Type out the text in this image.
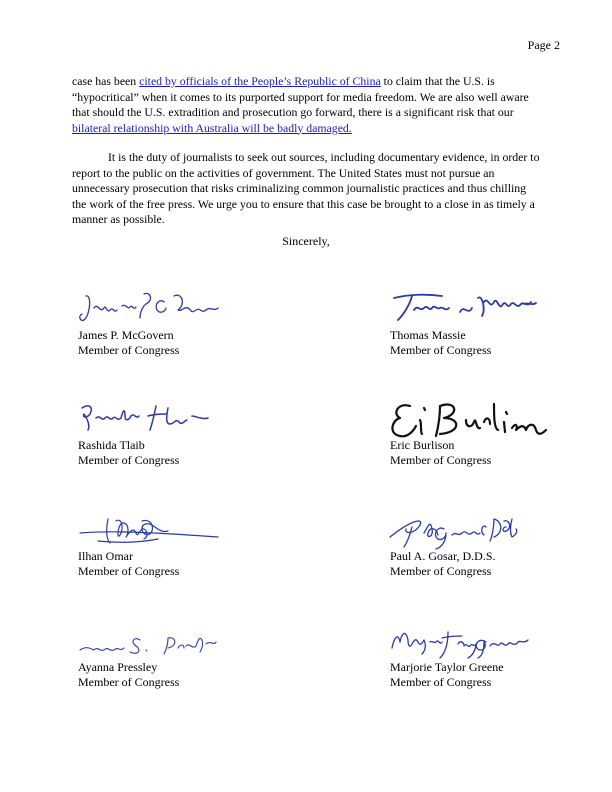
Page 2

case has been cited by officials of the People’s Republic of China to claim that the U.S. is “hypocritical” when it comes to its purported support for media freedom. We are also well aware that should the U.S. extradition and prosecution go forward, there is a significant risk that our bilateral relationship with Australia will be badly damaged.

It is the duty of journalists to seek out sources, including documentary evidence, in order to report to the public on the activities of government. The United States must not pursue an unnecessary prosecution that risks criminalizing common journalistic practices and thus chilling the work of the free press. We urge you to ensure that this case be brought to a close in as timely a manner as possible.

Sincerely,
James P. McGovern
Member of Congress
Thomas Massie
Member of Congress
Rashida Tlaib
Member of Congress
Eric Burlison
Member of Congress
Ilhan Omar
Member of Congress
Paul A. Gosar, D.D.S.
Member of Congress
Ayanna Pressley
Member of Congress
Marjorie Taylor Greene
Member of Congress
